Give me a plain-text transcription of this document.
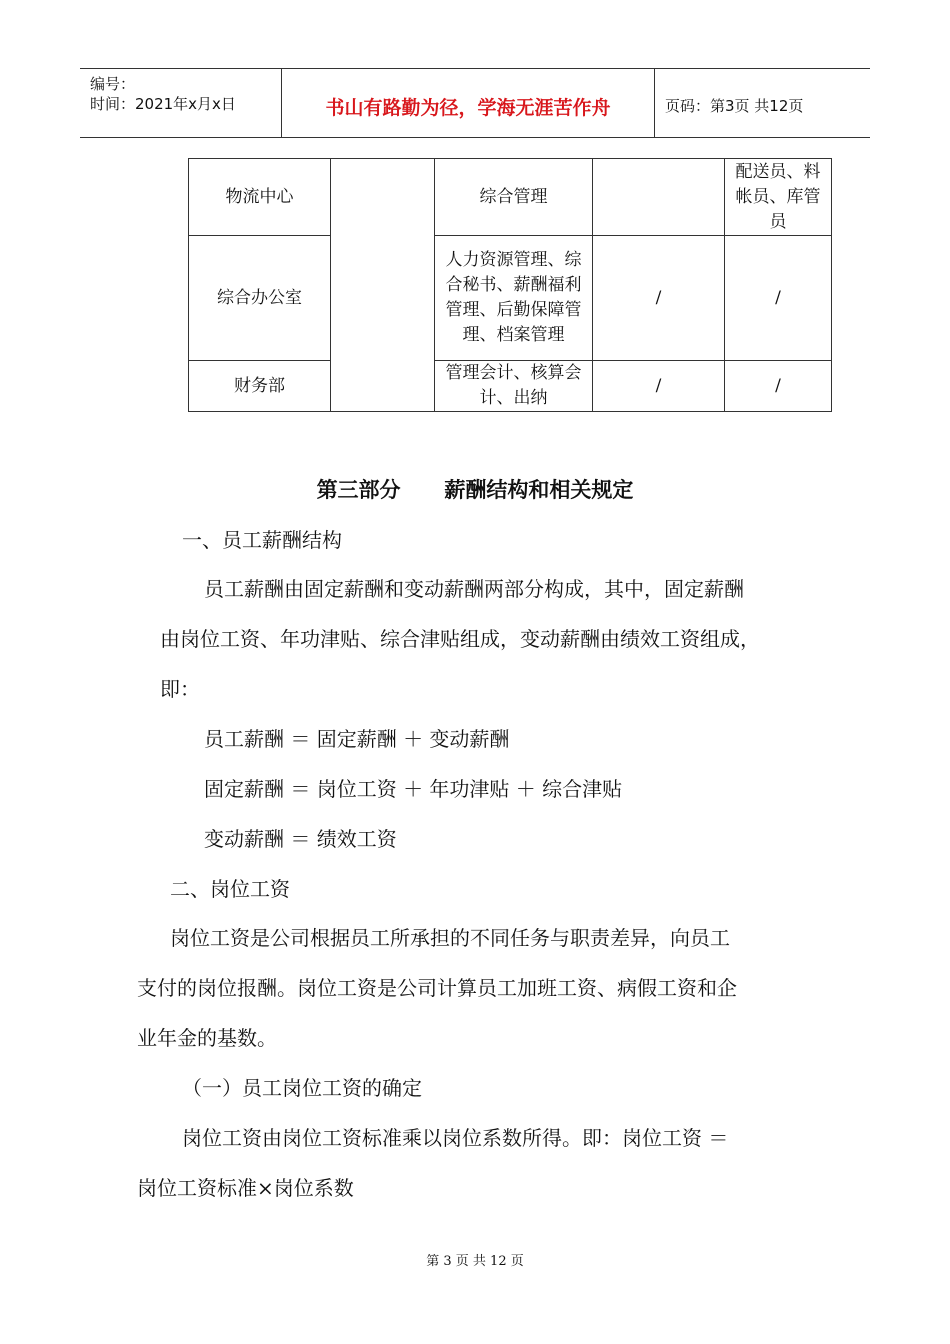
编号：
时间：2021年x月x日	书山有路勤为径，学海无涯苦作舟	页码：第3页 共12页
物流中心		综合管理		配送员、料帐员、库管员
综合办公室		人力资源管理、综合秘书、薪酬福利管理、后勤保障管理、档案管理	/	/
财务部		管理会计、核算会计、出纳	/	/
第三部分      薪酬结构和相关规定
一、员工薪酬结构
员工薪酬由固定薪酬和变动薪酬两部分构成，其中，固定薪酬
由岗位工资、年功津贴、综合津贴组成，变动薪酬由绩效工资组成，
即：
员工薪酬 ＝ 固定薪酬 ＋ 变动薪酬
固定薪酬 ＝ 岗位工资 ＋ 年功津贴 ＋ 综合津贴
变动薪酬 ＝ 绩效工资
二、岗位工资
岗位工资是公司根据员工所承担的不同任务与职责差异，向员工
支付的岗位报酬。岗位工资是公司计算员工加班工资、病假工资和企
业年金的基数。
（一）员工岗位工资的确定
岗位工资由岗位工资标准乘以岗位系数所得。即：岗位工资 ＝
岗位工资标准×岗位系数
第 3 页 共 12 页
